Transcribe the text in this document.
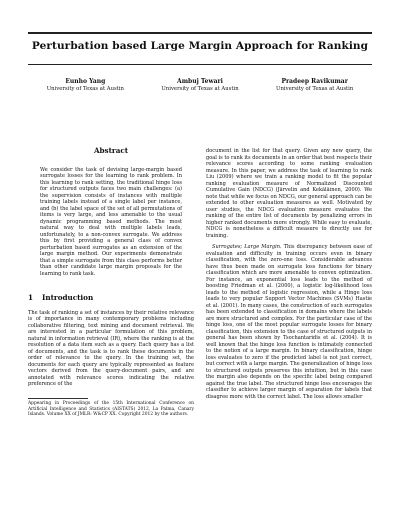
Perturbation based Large Margin Approach for Ranking
Eunho Yang
University of Texas at Austin
Ambuj Tewari
University of Texas at Austin
Pradeep Ravikumar
University of Texas at Austin
Abstract

We consider the task of devising large-margin based surrogate losses for the learning to rank problem. In this learning to rank setting, the traditional hinge loss for structured outputs faces two main challenges: (a) the supervision consists of instances with multiple training labels instead of a single label per instance, and (b) the label space of the set of all permutations of items is very large, and less amenable to the usual dynamic programming based methods. The most natural way to deal with multiple labels leads, unfortunately, to a non-convex surrogate. We address this by first providing a general class of convex perturbation based surrogates as an extension of the large margin method. Our experiments demonstrate that a simple surrogate from this class performs better than other candidate large margin proposals for the learning to rank task.

1 Introduction

The task of ranking a set of instances by their relative relevance is of importance in many contemporary problems including collaborative filtering, text mining and document retrieval. We are interested in a particular formulation of this problem, natural in information retrieval (IR), where the ranking is at the resolution of a data item such as a query. Each query has a list of documents, and the task is to rank these documents in the order of relevance to the query. In the training set, the documents for each query are typically represented as feature vectors derived from the query-document pairs, and are annotated with relevance scores indicating the relative preference of the

Appearing in Proceedings of the 15th International Conference on Artificial Intelligence and Statistics (AISTATS) 2012, La Palma, Canary Islands. Volume XX of JMLR: W&CP XX. Copyright 2012 by the authors.

document in the list for that query. Given any new query, the goal is to rank its documents in an order that best respects their relevance scores according to some ranking evaluation measure. In this paper, we address the task of learning to rank Liu (2009) where we train a ranking model to fit the popular ranking evaluation measure of Normalized Discounted Cumulative Gain (NDCG) (Järvelin and Kekäläinen, 2000). We note that while we focus on NDCG, our general approach can be extended to other evaluation measures as well. Motivated by user studies, the NDCG evaluation measure evaluates the ranking of the entire list of documents by penalizing errors in higher ranked documents more strongly. While easy to evaluate, NDCG is nonetheless a difficult measure to directly use for training.

Surrogates; Large Margin. This discrepancy between ease of evaluation and difficulty in training occurs even in binary classification, with the zero-one loss. Considerable advances have thus been made on surrogate loss functions for binary classification which are more amenable to convex optimization. For instance, an exponential loss leads to the method of boosting Friedman et al. (2000), a logistic log-likelihood loss leads to the method of logistic regression, while a Hinge loss leads to very popular Support Vector Machines (SVMs) Hastie et al. (2001). In many cases, the construction of such surrogates has been extended to classification in domains where the labels are more structured and complex. For the particular case of the hinge loss, one of the most popular surrogate losses for binary classification, this extension to the case of structured outputs in general has been shown by Tsochantaridis et al. (2004). It is well known that the hinge loss function is intimately connected to the notion of a large margin. In binary classification, hinge loss evaluates to zero if the predicted label is not just correct, but correct with a large margin. The generalization of hinge loss to structured outputs preserves this intuition, but in this case the margin also depends on the specific label being compared against the true label. The structured hinge loss encourages the classifier to achieve larger margin of separation for labels that disagree more with the correct label. The loss allows smaller
